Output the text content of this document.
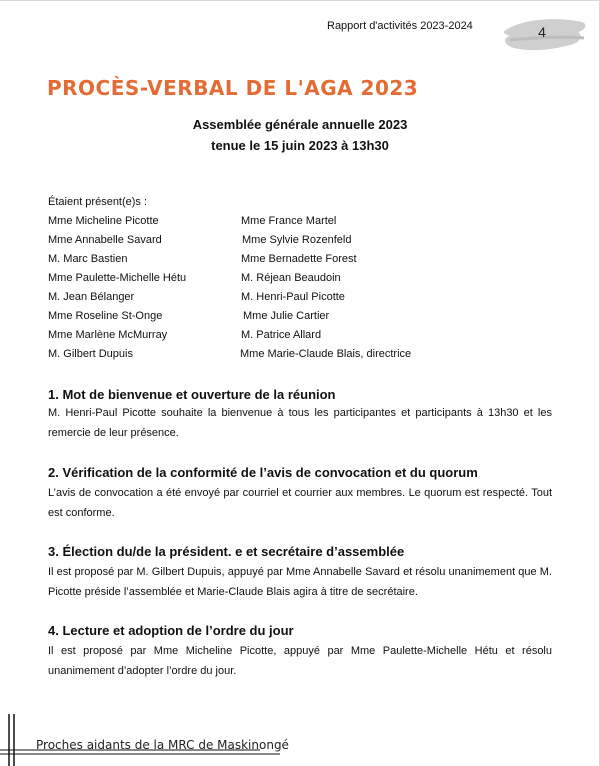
Rapport d'activités 2023-2024	4
PROCÈS-VERBAL DE L'AGA 2023
Assemblée générale annuelle 2023
tenue le 15 juin 2023 à 13h30
Étaient présent(e)s :
Mme Micheline Picotte
Mme Annabelle Savard
M. Marc Bastien
Mme Paulette-Michelle Hétu
M. Jean Bélanger
Mme Roseline St-Onge
Mme Marlène McMurray
M. Gilbert Dupuis
Mme France Martel
Mme Sylvie Rozenfeld
Mme Bernadette Forest
M. Réjean Beaudoin
M. Henri-Paul Picotte
Mme Julie Cartier
M. Patrice Allard
Mme Marie-Claude Blais, directrice
1. Mot de bienvenue et ouverture de la réunion

M. Henri-Paul Picotte souhaite la bienvenue à tous les participantes et participants à 13h30 et les remercie de leur présence.

2. Vérification de la conformité de l’avis de convocation et du quorum

L’avis de convocation a été envoyé par courriel et courrier aux membres. Le quorum est respecté. Tout est conforme.

3. Élection du/de la président. e et secrétaire d’assemblée

Il est proposé par M. Gilbert Dupuis, appuyé par Mme Annabelle Savard et résolu unanimement que M. Picotte préside l’assemblée et Marie-Claude Blais agira à titre de secrétaire.

4. Lecture et adoption de l’ordre du jour

Il est proposé par Mme Micheline Picotte, appuyé par Mme Paulette-Michelle Hétu et résolu unanimement d’adopter l’ordre du jour.

Proches aidants de la MRC de Maskinongé
